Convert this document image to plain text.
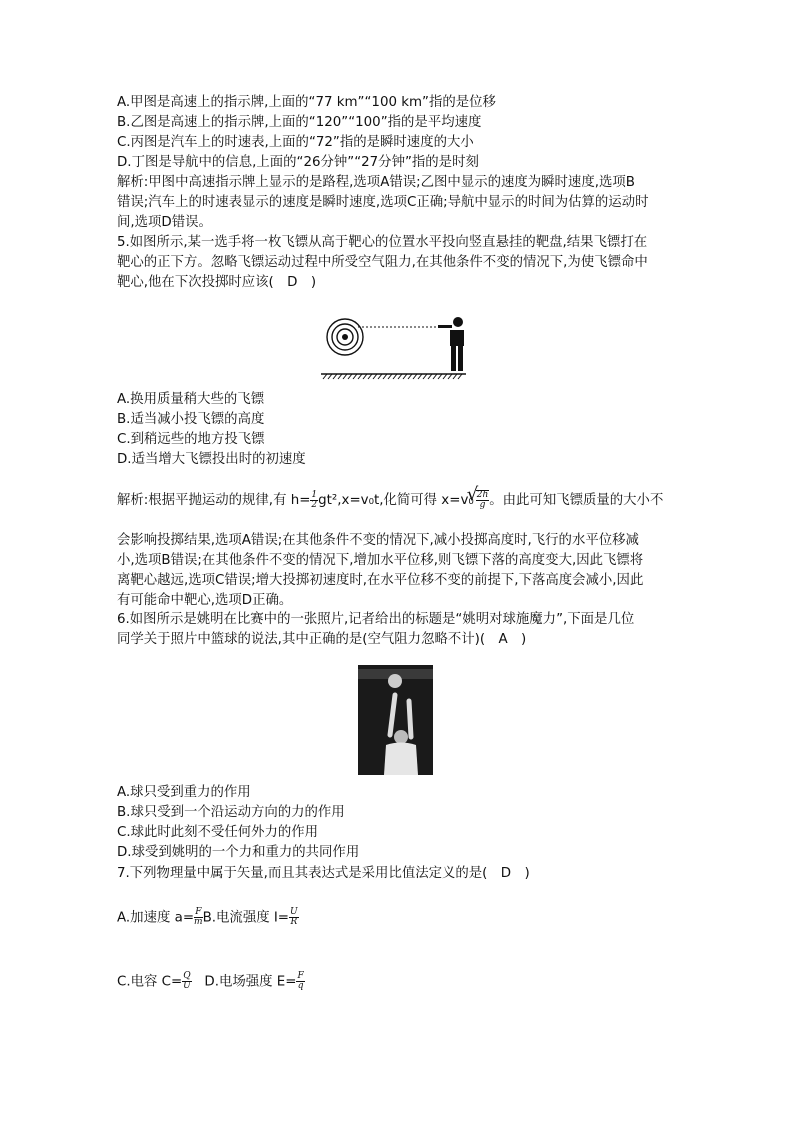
A.甲图是高速上的指示牌,上面的“77 km”“100 km”指的是位移
B.乙图是高速上的指示牌,上面的“120”“100”指的是平均速度
C.丙图是汽车上的时速表,上面的“72”指的是瞬时速度的大小
D.丁图是导航中的信息,上面的“26分钟”“27分钟”指的是时刻
解析:甲图中高速指示牌上显示的是路程,选项A错误;乙图中显示的速度为瞬时速度,选项B
错误;汽车上的时速表显示的速度是瞬时速度,选项C正确;导航中显示的时间为估算的运动时
间,选项D错误。
5.如图所示,某一选手将一枚飞镖从高于靶心的位置水平投向竖直悬挂的靶盘,结果飞镖打在
靶心的正下方。忽略飞镖运动过程中所受空气阻力,在其他条件不变的情况下,为使飞镖命中
靶心,他在下次投掷时应该(　D　)
A.换用质量稍大些的飞镖
B.适当减小投飞镖的高度
C.到稍远些的地方投飞镖
D.适当增大飞镖投出时的初速度
解析:根据平抛运动的规律,有 $h= \frac{1}{2} gt^2,x=v_0t$,化简可得 x=v₀ √ $\frac{2h}{g}$ 。由此可知飞镖质量的大小不
会影响投掷结果,选项A错误;在其他条件不变的情况下,减小投掷高度时,飞行的水平位移减
小,选项B错误;在其他条件不变的情况下,增加水平位移,则飞镖下落的高度变大,因此飞镖将
离靶心越远,选项C错误;增大投掷初速度时,在水平位移不变的前提下,下落高度会减小,因此
有可能命中靶心,选项D正确。
6.如图所示是姚明在比赛中的一张照片,记者给出的标题是“姚明对球施魔力”,下面是几位
同学关于照片中篮球的说法,其中正确的是(空气阻力忽略不计)(　A　)
A.球只受到重力的作用
B.球只受到一个沿运动方向的力的作用
C.球此时此刻不受任何外力的作用
D.球受到姚明的一个力和重力的共同作用
7.下列物理量中属于矢量,而且其表达式是采用比值法定义的是(　D　)
A.加速度 $a= \frac{F}{m} B$.电流强度 $I= \frac{U}{R}$
C.电容 $C= \frac{Q}{U} D$.电场强度 $E= \frac{F}{q}$
